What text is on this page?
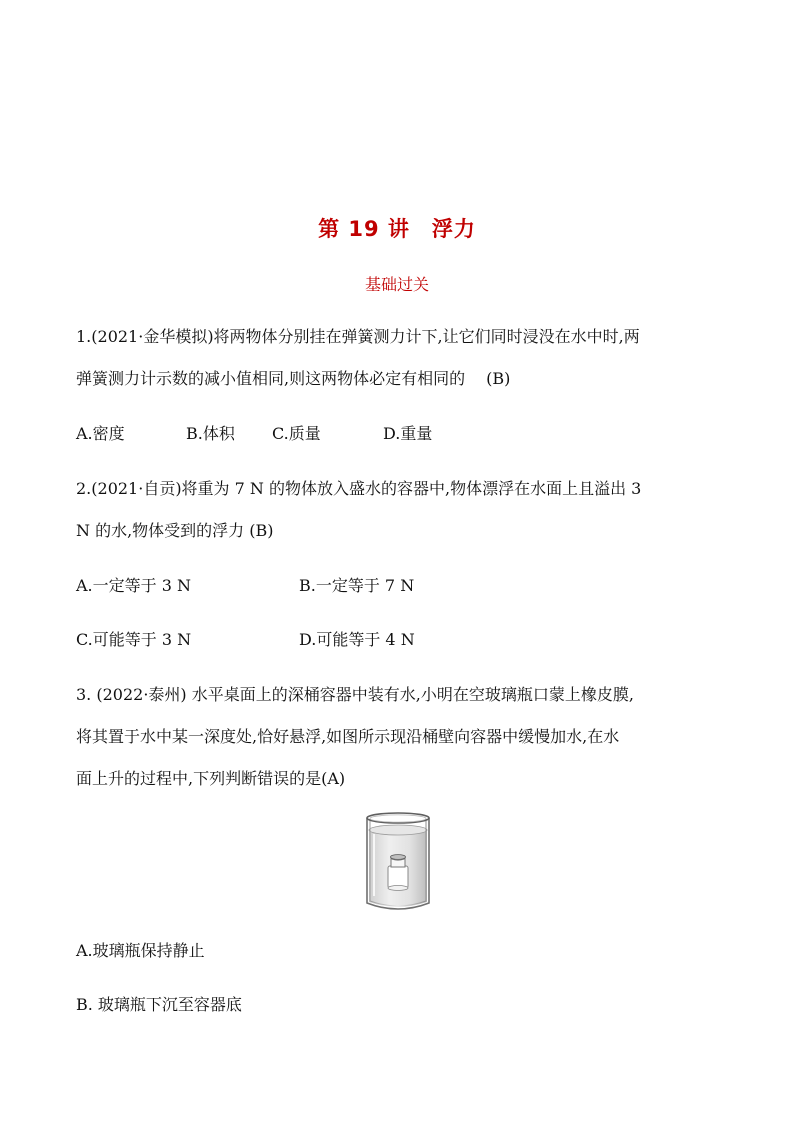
第 19 讲　浮力
基础过关
1.(2021·金华模拟)将两物体分别挂在弹簧测力计下,让它们同时浸没在水中时,两
弹簧测力计示数的减小值相同,则这两物体必定有相同的　 (B)
A.密度	B.体积 C.质量	D.重量
2.(2021·自贡)将重为 7 N 的物体放入盛水的容器中,物体漂浮在水面上且溢出 3
N 的水,物体受到的浮力 (B)
A.一定等于 3 N	B.一定等于 7 N
C.可能等于 3 N	D.可能等于 4 N
3. (2022·泰州) 水平桌面上的深桶容器中装有水,小明在空玻璃瓶口蒙上橡皮膜,
将其置于水中某一深度处,恰好悬浮,如图所示现沿桶壁向容器中缓慢加水,在水
面上升的过程中,下列判断错误的是(A)
A.玻璃瓶保持静止
B. 玻璃瓶下沉至容器底
